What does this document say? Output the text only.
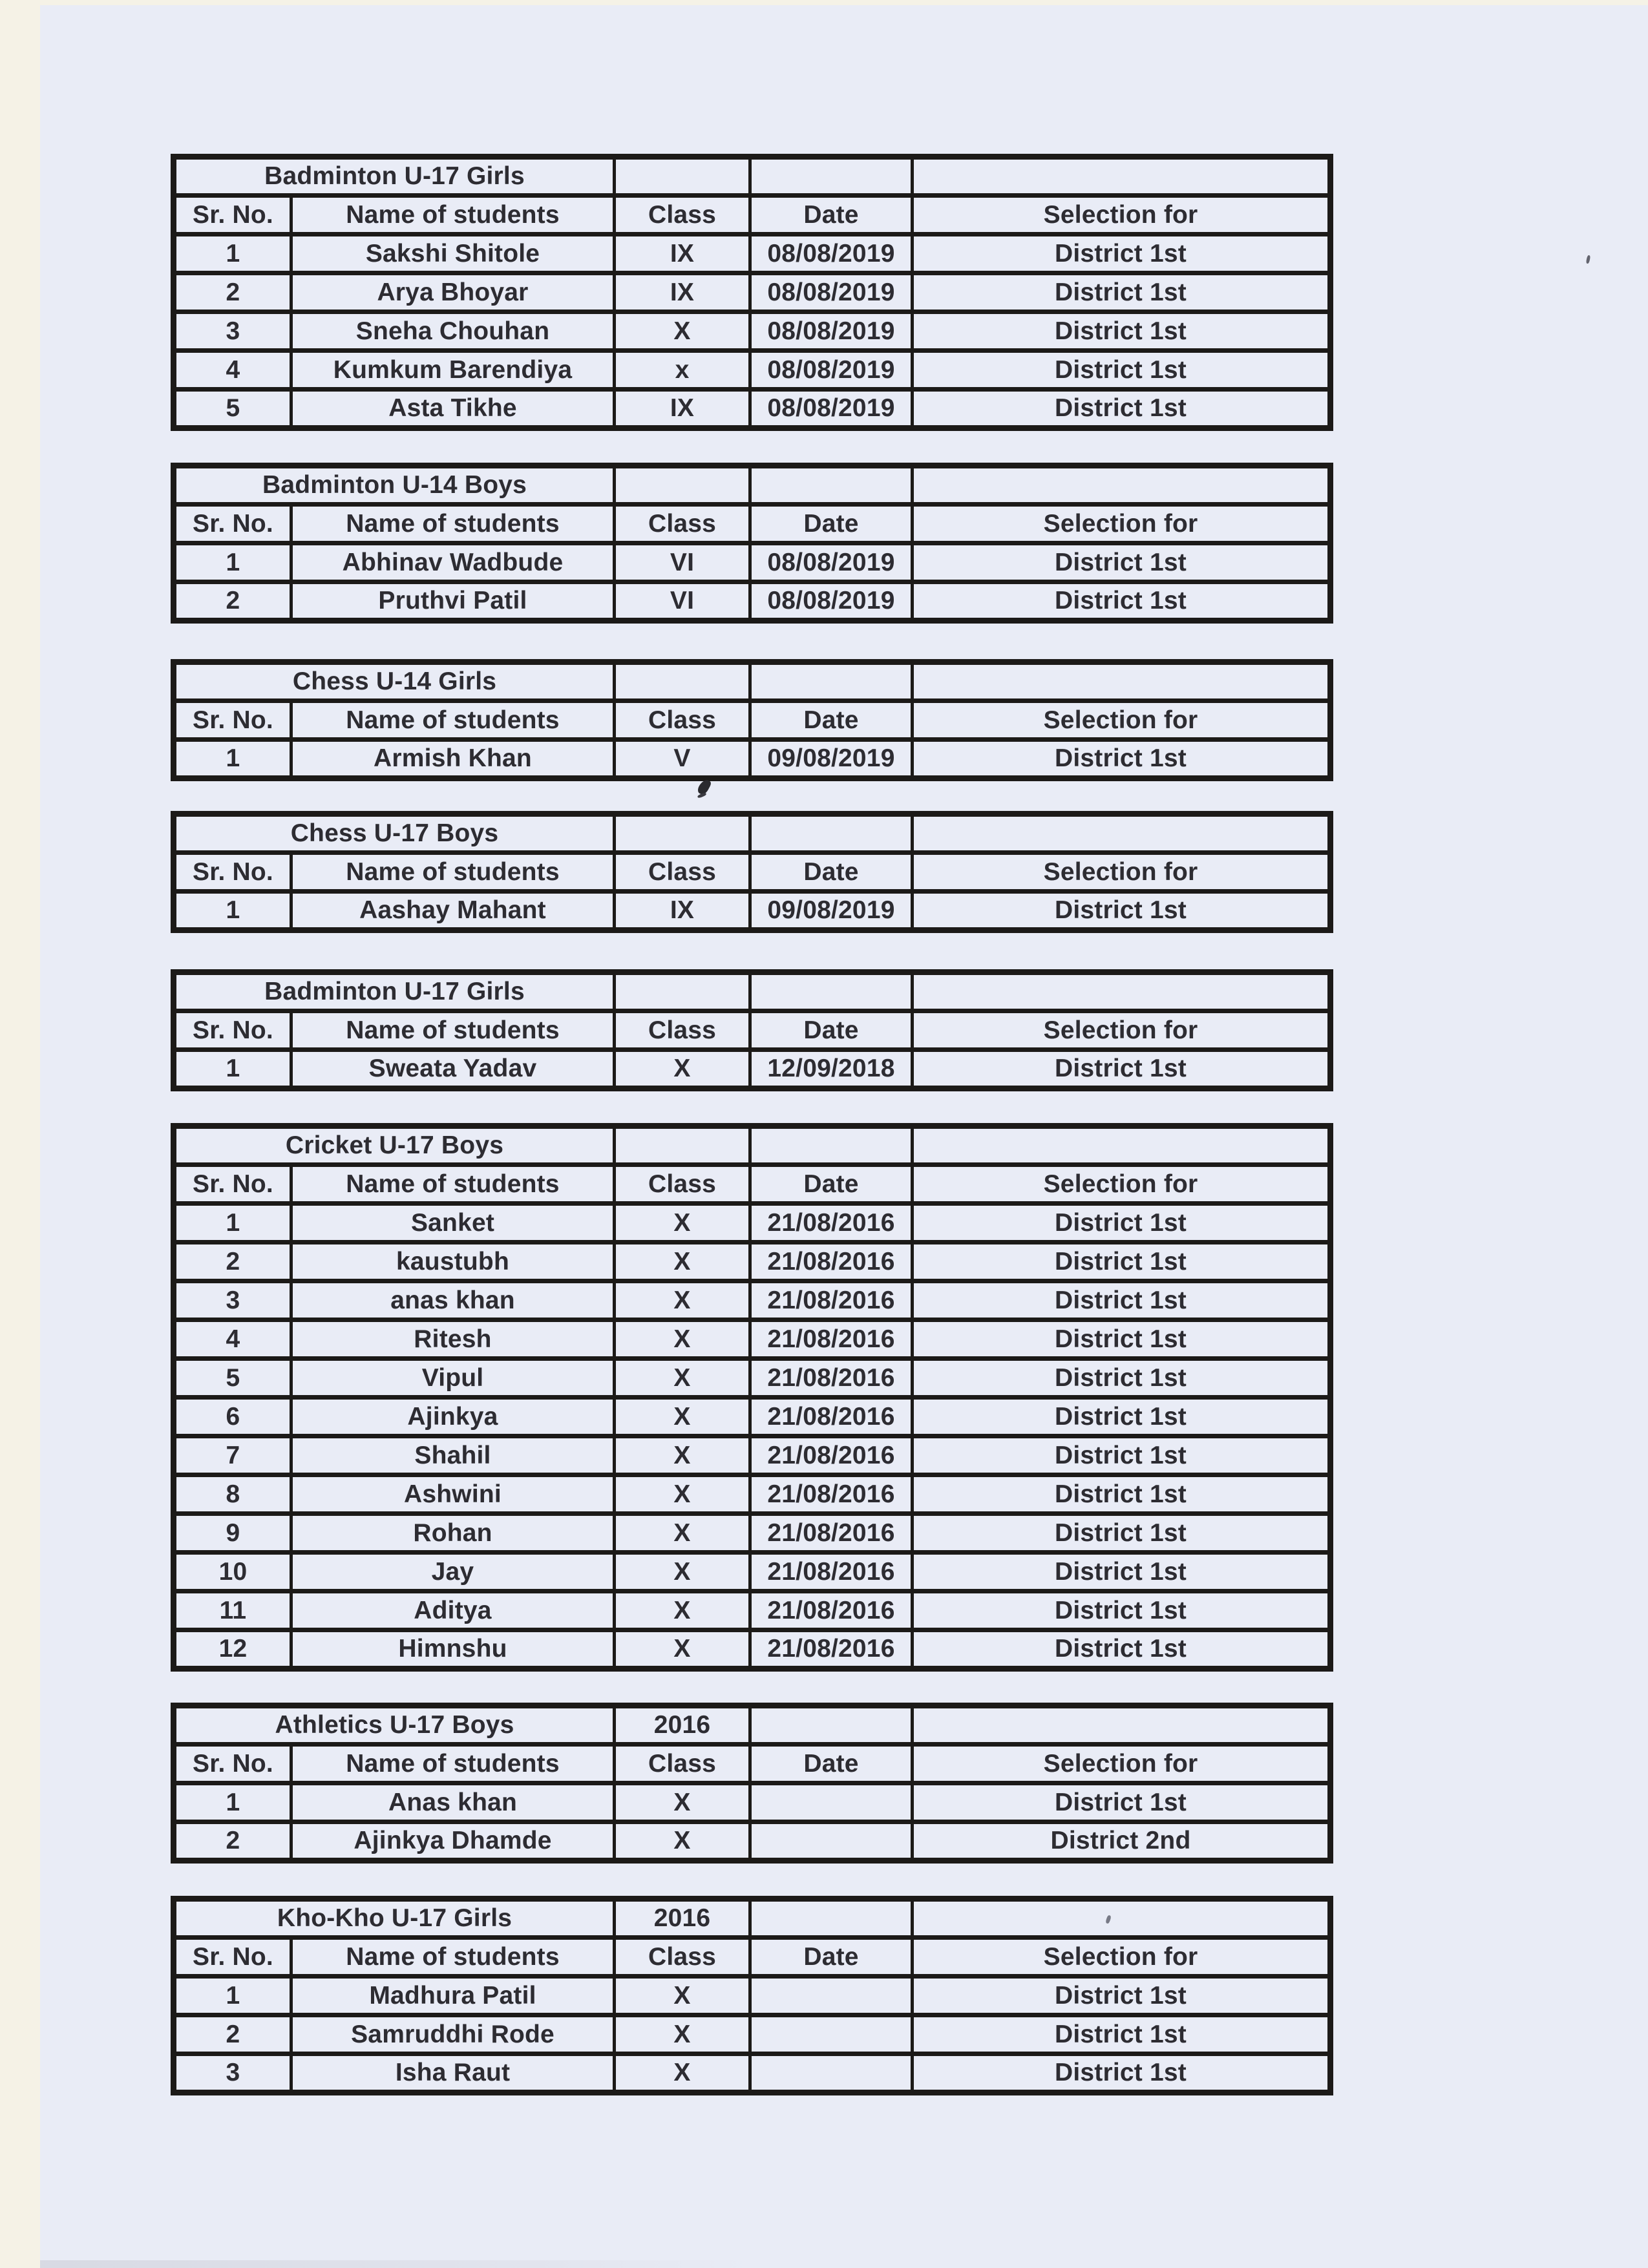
Badminton U-17 Girls				
Sr. No.	Name of students	Class	Date	Selection for
1	Sakshi Shitole	IX	08/08/2019	District 1st
2	Arya Bhoyar	IX	08/08/2019	District 1st
3	Sneha Chouhan	X	08/08/2019	District 1st
4	Kumkum Barendiya	x	08/08/2019	District 1st
5	Asta Tikhe	IX	08/08/2019	District 1st
Badminton U-14 Boys				
Sr. No.	Name of students	Class	Date	Selection for
1	Abhinav Wadbude	VI	08/08/2019	District 1st
2	Pruthvi Patil	VI	08/08/2019	District 1st
Chess U-14 Girls				
Sr. No.	Name of students	Class	Date	Selection for
1	Armish Khan	V	09/08/2019	District 1st
Chess U-17 Boys				
Sr. No.	Name of students	Class	Date	Selection for
1	Aashay Mahant	IX	09/08/2019	District 1st
Badminton U-17 Girls				
Sr. No.	Name of students	Class	Date	Selection for
1	Sweata Yadav	X	12/09/2018	District 1st
Cricket U-17 Boys				
Sr. No.	Name of students	Class	Date	Selection for
1	Sanket	X	21/08/2016	District 1st
2	kaustubh	X	21/08/2016	District 1st
3	anas khan	X	21/08/2016	District 1st
4	Ritesh	X	21/08/2016	District 1st
5	Vipul	X	21/08/2016	District 1st
6	Ajinkya	X	21/08/2016	District 1st
7	Shahil	X	21/08/2016	District 1st
8	Ashwini	X	21/08/2016	District 1st
9	Rohan	X	21/08/2016	District 1st
10	Jay	X	21/08/2016	District 1st
11	Aditya	X	21/08/2016	District 1st
12	Himnshu	X	21/08/2016	District 1st
Athletics U-17 Boys		2016		
Sr. No.	Name of students	Class	Date	Selection for
1	Anas khan	X		District 1st
2	Ajinkya Dhamde	X		District 2nd
Kho-Kho U-17 Girls		2016		
Sr. No.	Name of students	Class	Date	Selection for
1	Madhura Patil	X		District 1st
2	Samruddhi Rode	X		District 1st
3	Isha Raut	X		District 1st
